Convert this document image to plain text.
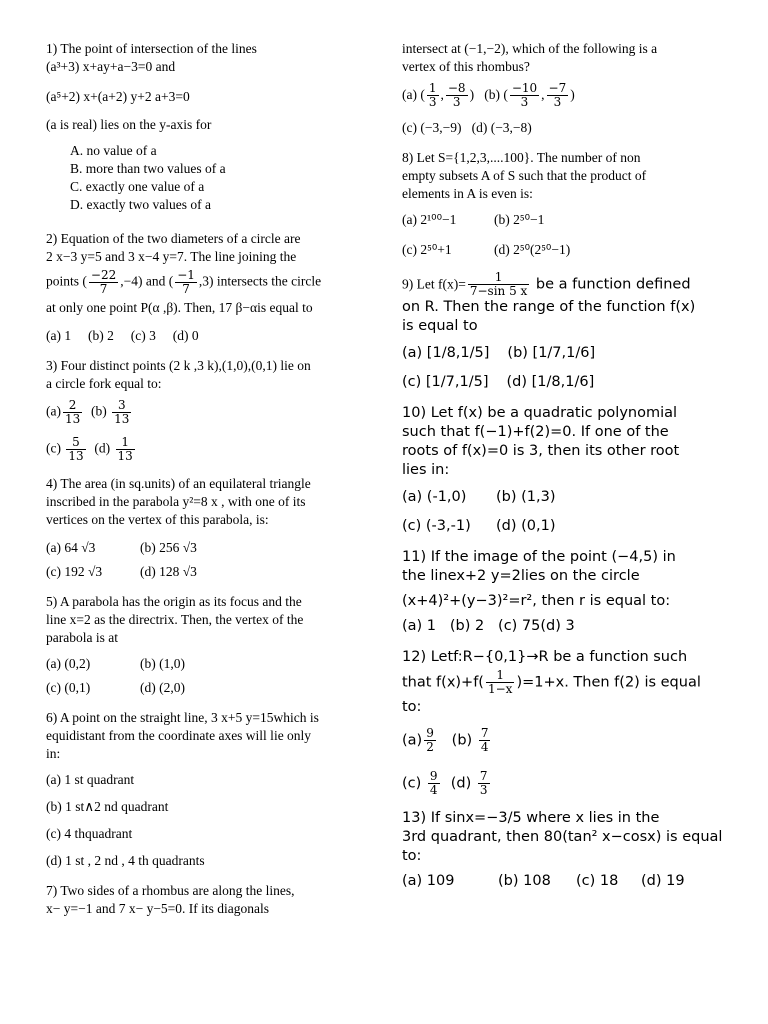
1) The point of intersection of the lines
(a³+3) x+ay+a−3=0 and
(a⁵+2) x+(a+2) y+2 a+3=0
(a is real) lies on the y-axis for
A. no value of a
B. more than two values of a
C. exactly one value of a
D. exactly two values of a
2) Equation of the two diameters of a circle are
2 x−3 y=5 and 3 x−4 y=7. The line joining the
points ( $\frac{-22}{7} ,-4$) and ( $\frac{-1}{7} ,3$) intersects the circle
at only one point P(α ,β). Then, 17 β−αis equal to
(a) 1     (b) 2     (c) 3     (d) 0
3) Four distinct points (2 k ,3 k),(1,0),(0,1) lie on
a circle fork equal to:
$(a) \frac{2}{13} (b) \frac{3}{13}$
$(c) \frac{5}{13} (d) \frac{1}{13}$
4) The area (in sq.units) of an equilateral triangle
inscribed in the parabola y²=8 x , with one of its
vertices on the vertex of this parabola, is:
(a) 64 √3	(b) 256 √3
(c) 192 √3	(d) 128 √3
5) A parabola has the origin as its focus and the
line x=2 as the directrix. Then, the vertex of the
parabola is at
(a) (0,2)	(b) (1,0)
(c) (0,1)	(d) (2,0)
6) A point on the straight line, 3 x+5 y=15which is
equidistant from the coordinate axes will lie only
in:
(a) 1 st quadrant
(b) 1 st∧2 nd quadrant
(c) 4 thquadrant
(d) 1 st , 2 nd , 4 th quadrants
7) Two sides of a rhombus are along the lines,
x− y=−1 and 7 x− y−5=0. If its diagonals
intersect at (−1,−2), which of the following is a
vertex of this rhombus?
(a) ( $\frac{1}{3}$ , $\frac{-8}{3}$ ) (b) ( $\frac{-10}{3}$ , $\frac{-7}{3}$ )
(c) (−3,−9)   (d) (−3,−8)
8) Let S={1,2,3,....100}. The number of non
empty subsets A of S such that the product of
elements in A is even is:
(a) 2¹⁰⁰−1	(b) 2⁵⁰−1
(c) 2⁵⁰+1	(d) 2⁵⁰(2⁵⁰−1)
9) Let $f(x)= \frac{1}{7-\sin 5 x}$ be a function defined
on R. Then the range of the function f(x)
is equal to
(a) [1/8,1/5] (b) [1/7,1/6]
(c) [1/7,1/5] (d) [1/8,1/6]
10) Let f(x) be a quadratic polynomial
such that f(−1)+f(2)=0. If one of the
roots of f(x)=0 is 3, then its other root
lies in:
(a) (-1,0)	(b) (1,3)
(c) (-3,-1)	(d) (0,1)
11) If the image of the point (−4,5) in
the linex+2 y=2lies on the circle
(x+4)²+(y−3)²=r², then r is equal to:
(a) 1   (b) 2   (c) 75(d) 3
12) Letf:R−{0,1}→R be a function such
that $f(x)+f( \frac{1}{1-x} )=1+x$. Then f(2) is equal
to:
$(a) \frac{9}{2} (b) \frac{7}{4}$
$(c) \frac{9}{4} (d) \frac{7}{3}$
13) If sinx=−3/5 where x lies in the
3rd quadrant, then 80(tan² x−cosx) is equal
to:
(a) 109	(b) 108	(c) 18	(d) 19
